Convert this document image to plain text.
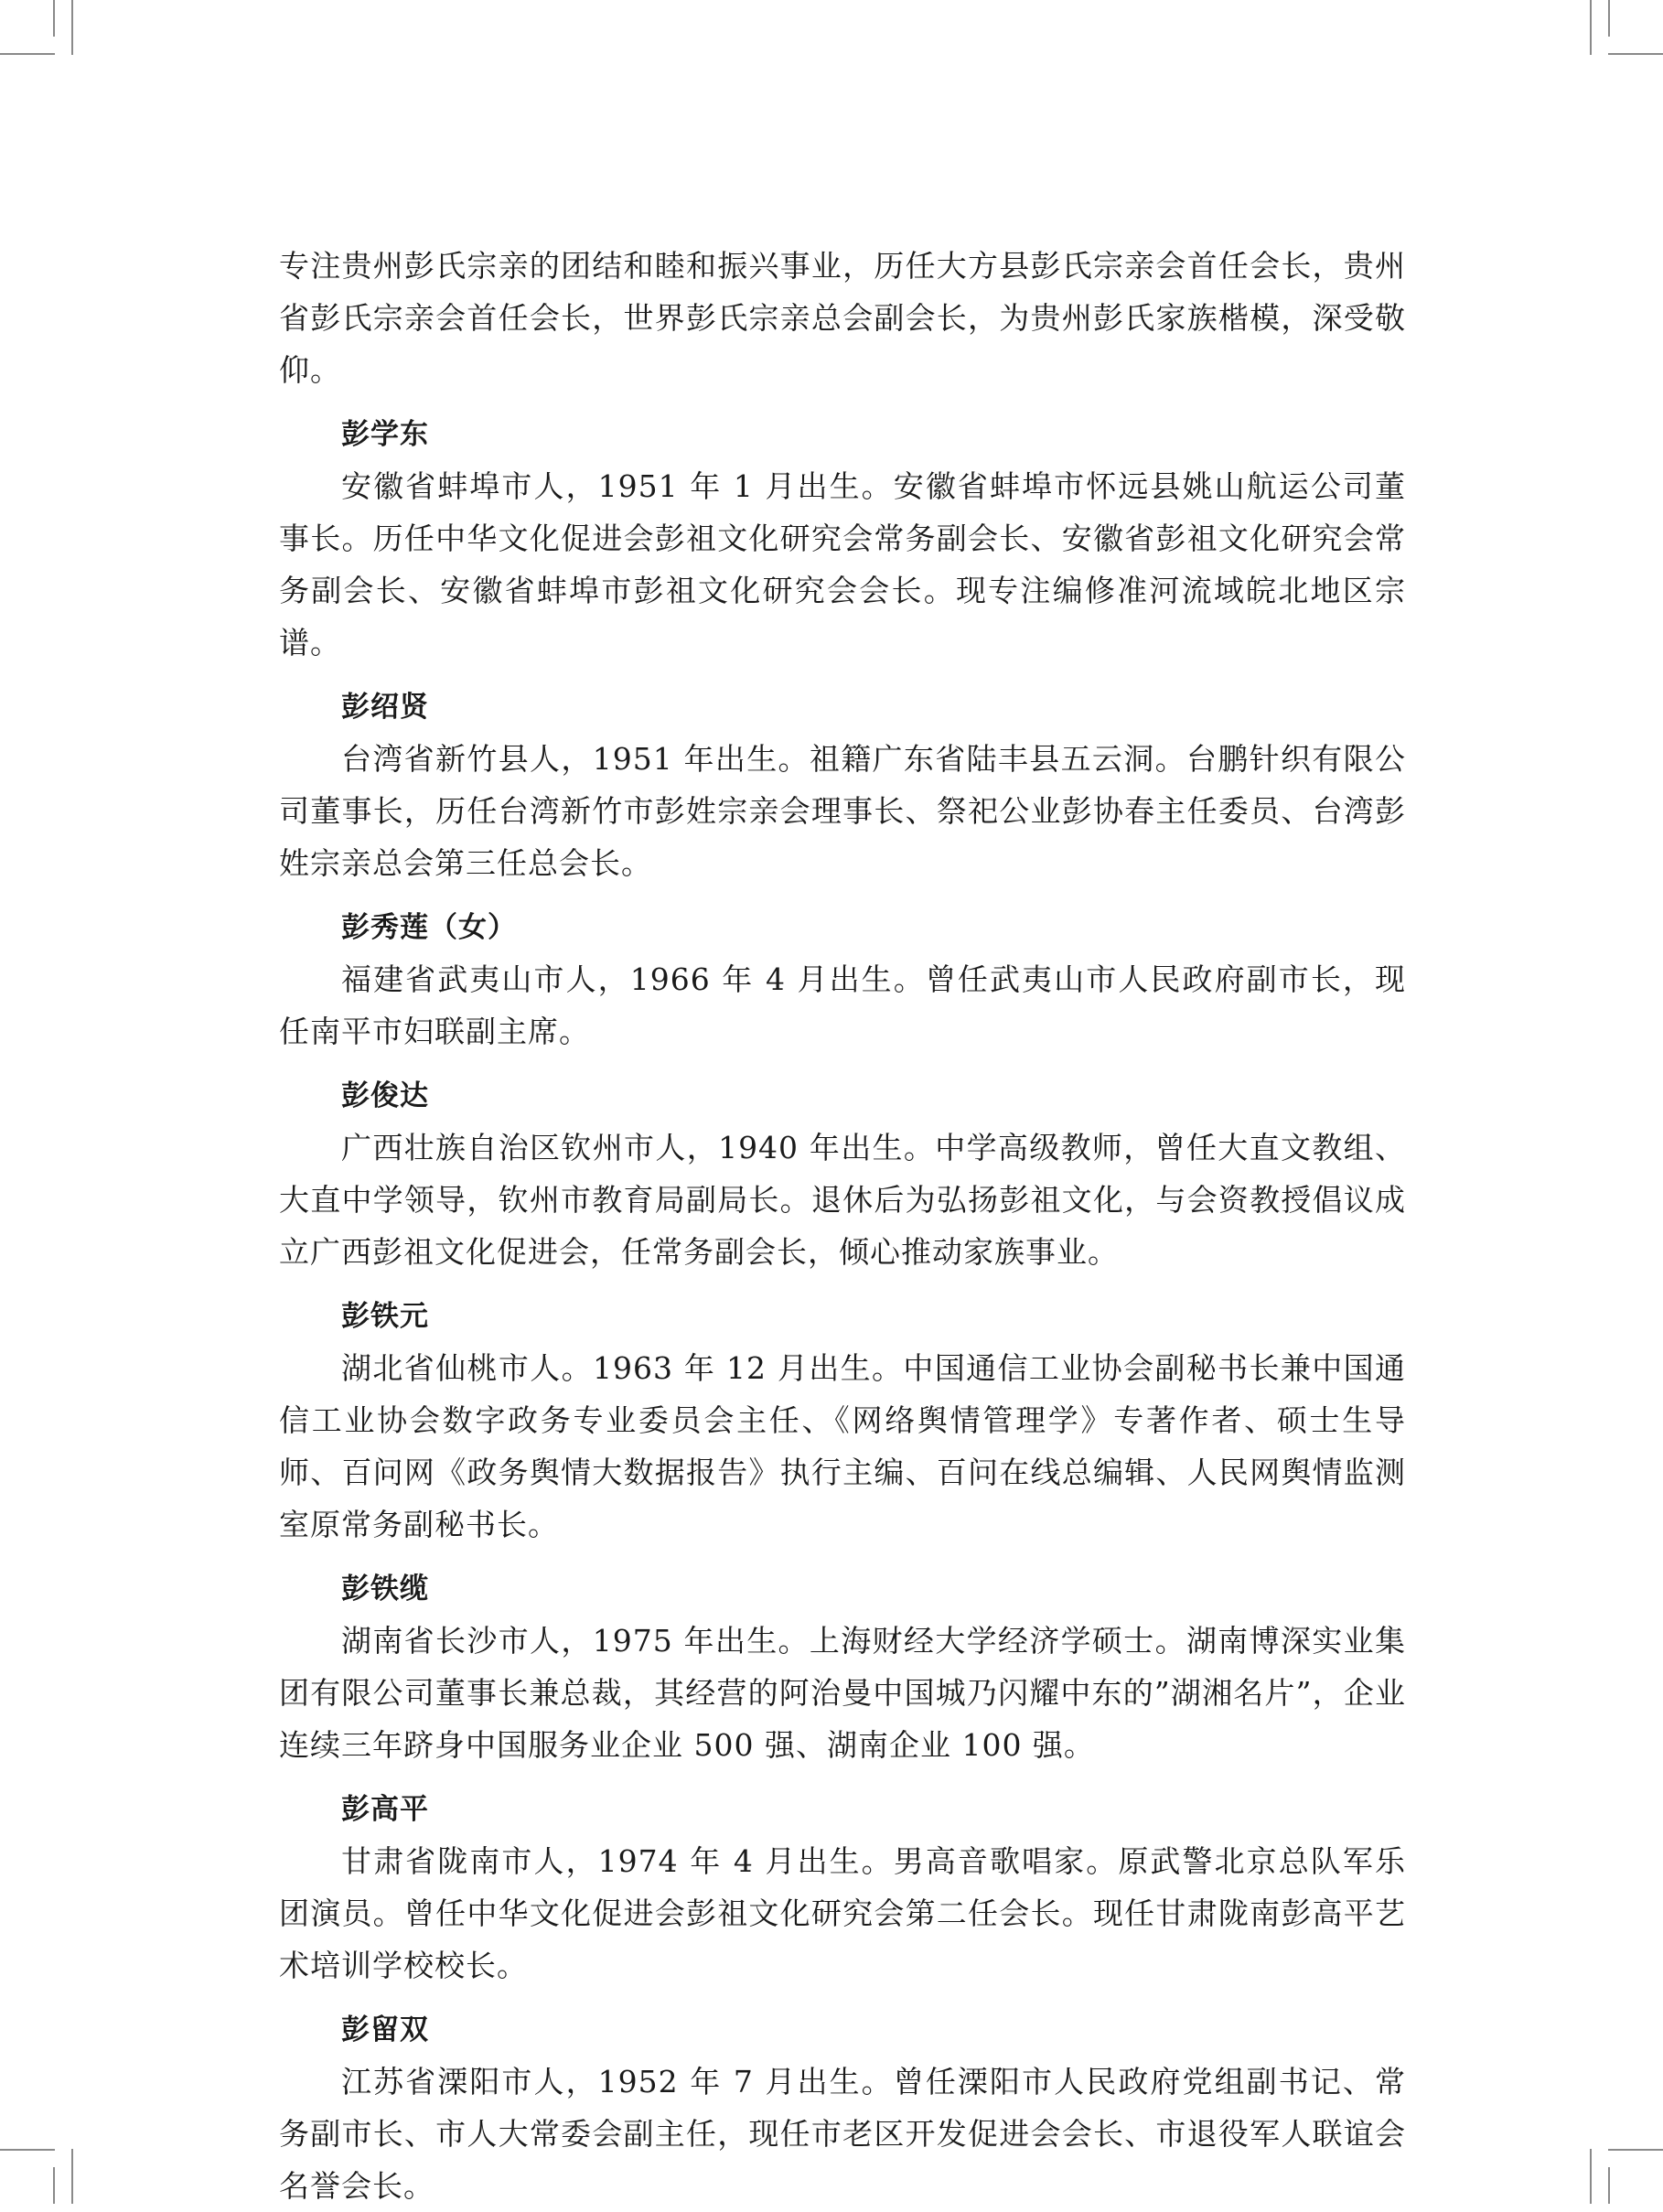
专注贵州彭氏宗亲的团结和睦和振兴事业，历任大方县彭氏宗亲会首任会长，贵州省彭氏宗亲会首任会长，世界彭氏宗亲总会副会长，为贵州彭氏家族楷模，深受敬仰。

彭学东

安徽省蚌埠市人，1951 年 1 月出生。安徽省蚌埠市怀远县姚山航运公司董事长。历任中华文化促进会彭祖文化研究会常务副会长、安徽省彭祖文化研究会常务副会长、安徽省蚌埠市彭祖文化研究会会长。现专注编修准河流域皖北地区宗谱。

彭绍贤

台湾省新竹县人，1951 年出生。祖籍广东省陆丰县五云洞。台鹏针织有限公司董事长，历任台湾新竹市彭姓宗亲会理事长、祭祀公业彭协春主任委员、台湾彭姓宗亲总会第三任总会长。

彭秀莲（女）

福建省武夷山市人，1966 年 4 月出生。曾任武夷山市人民政府副市长，现任南平市妇联副主席。

彭俊达

广西壮族自治区钦州市人，1940 年出生。中学高级教师，曾任大直文教组、大直中学领导，钦州市教育局副局长。退休后为弘扬彭祖文化，与会资教授倡议成立广西彭祖文化促进会，任常务副会长，倾心推动家族事业。

彭铁元

湖北省仙桃市人。1963 年 12 月出生。中国通信工业协会副秘书长兼中国通信工业协会数字政务专业委员会主任、《网络舆情管理学》专著作者、硕士生导师、百问网《政务舆情大数据报告》执行主编、百问在线总编辑、人民网舆情监测室原常务副秘书长。

彭铁缆

湖南省长沙市人，1975 年出生。上海财经大学经济学硕士。湖南博深实业集团有限公司董事长兼总裁，其经营的阿治曼中国城乃闪耀中东的”湖湘名片”，企业连续三年跻身中国服务业企业 500 强、湖南企业 100 强。

彭高平

甘肃省陇南市人，1974 年 4 月出生。男高音歌唱家。原武警北京总队军乐团演员。曾任中华文化促进会彭祖文化研究会第二任会长。现任甘肃陇南彭高平艺术培训学校校长。

彭留双

江苏省溧阳市人，1952 年 7 月出生。曾任溧阳市人民政府党组副书记、常务副市长、市人大常委会副主任，现任市老区开发促进会会长、市退役军人联谊会名誉会长。
